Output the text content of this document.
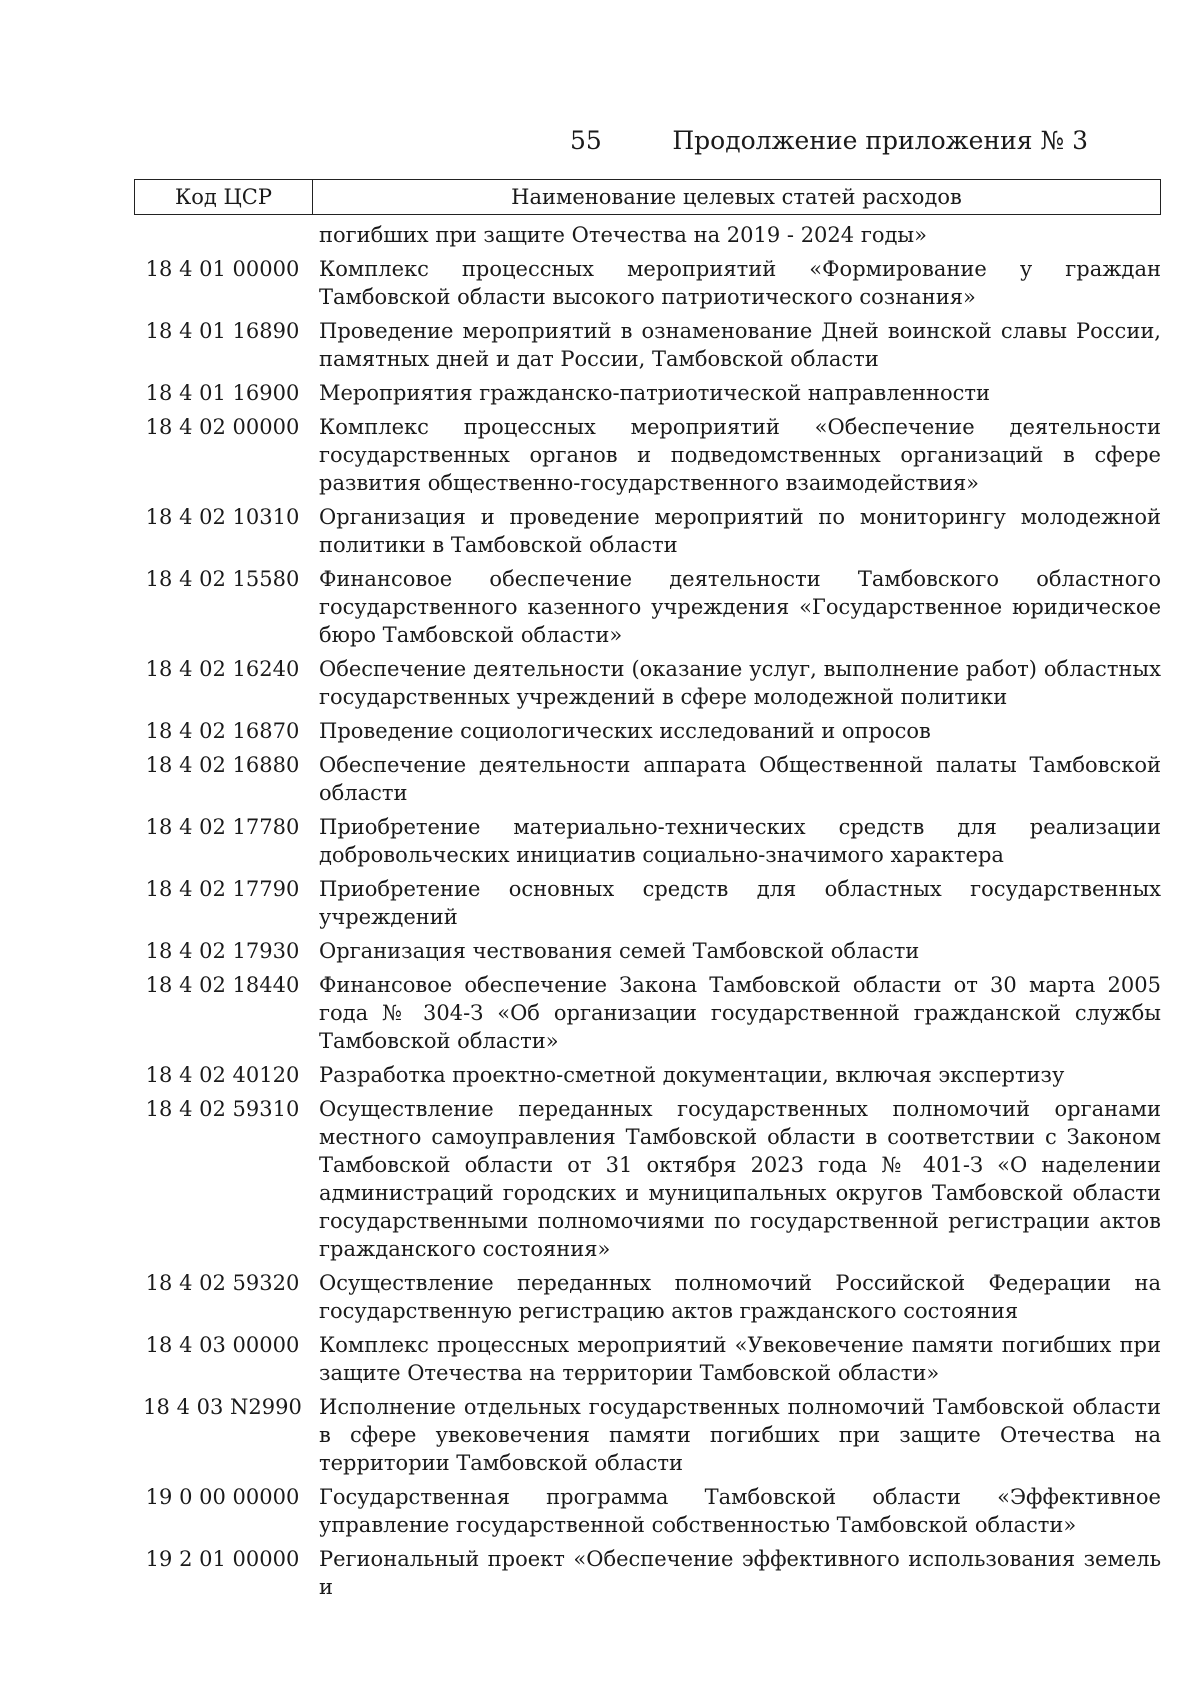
55	Продолжение приложения № 3
Код ЦСР	Наименование целевых статей расходов
погибших при защите Отечества на 2019 - 2024 годы»
18 4 01 00000 Комплекс процессных мероприятий «Формирование у граждан Тамбовской области высокого патриотического сознания»
18 4 01 16890 Проведение мероприятий в ознаменование Дней воинской славы России, памятных дней и дат России, Тамбовской области
18 4 01 16900 Мероприятия гражданско-патриотической направленности
18 4 02 00000 Комплекс процессных мероприятий «Обеспечение деятельности государственных органов и подведомственных организаций в сфере развития общественно-государственного взаимодействия»
18 4 02 10310 Организация и проведение мероприятий по мониторингу молодежной политики в Тамбовской области
18 4 02 15580 Финансовое обеспечение деятельности Тамбовского областного государственного казенного учреждения «Государственное юридическое бюро Тамбовской области»
18 4 02 16240 Обеспечение деятельности (оказание услуг, выполнение работ) областных государственных учреждений в сфере молодежной политики
18 4 02 16870 Проведение социологических исследований и опросов
18 4 02 16880 Обеспечение деятельности аппарата Общественной палаты Тамбовской области
18 4 02 17780 Приобретение материально-технических средств для реализации добровольческих инициатив социально-значимого характера
18 4 02 17790 Приобретение основных средств для областных государственных учреждений
18 4 02 17930 Организация чествования семей Тамбовской области
18 4 02 18440 Финансовое обеспечение Закона Тамбовской области от 30 марта 2005 года № 304-З «Об организации государственной гражданской службы Тамбовской области»
18 4 02 40120 Разработка проектно-сметной документации, включая экспертизу
18 4 02 59310 Осуществление переданных государственных полномочий органами местного самоуправления Тамбовской области в соответствии с Законом Тамбовской области от 31 октября 2023 года № 401-З «О наделении администраций городских и муниципальных округов Тамбовской области государственными полномочиями по государственной регистрации актов гражданского состояния»
18 4 02 59320 Осуществление переданных полномочий Российской Федерации на государственную регистрацию актов гражданского состояния
18 4 03 00000 Комплекс процессных мероприятий «Увековечение памяти погибших при защите Отечества на территории Тамбовской области»
18 4 03 N2990 Исполнение отдельных государственных полномочий Тамбовской области в сфере увековечения памяти погибших при защите Отечества на территории Тамбовской области
19 0 00 00000 Государственная программа Тамбовской области «Эффективное управление государственной собственностью Тамбовской области»
19 2 01 00000 Региональный проект «Обеспечение эффективного использования земель и
